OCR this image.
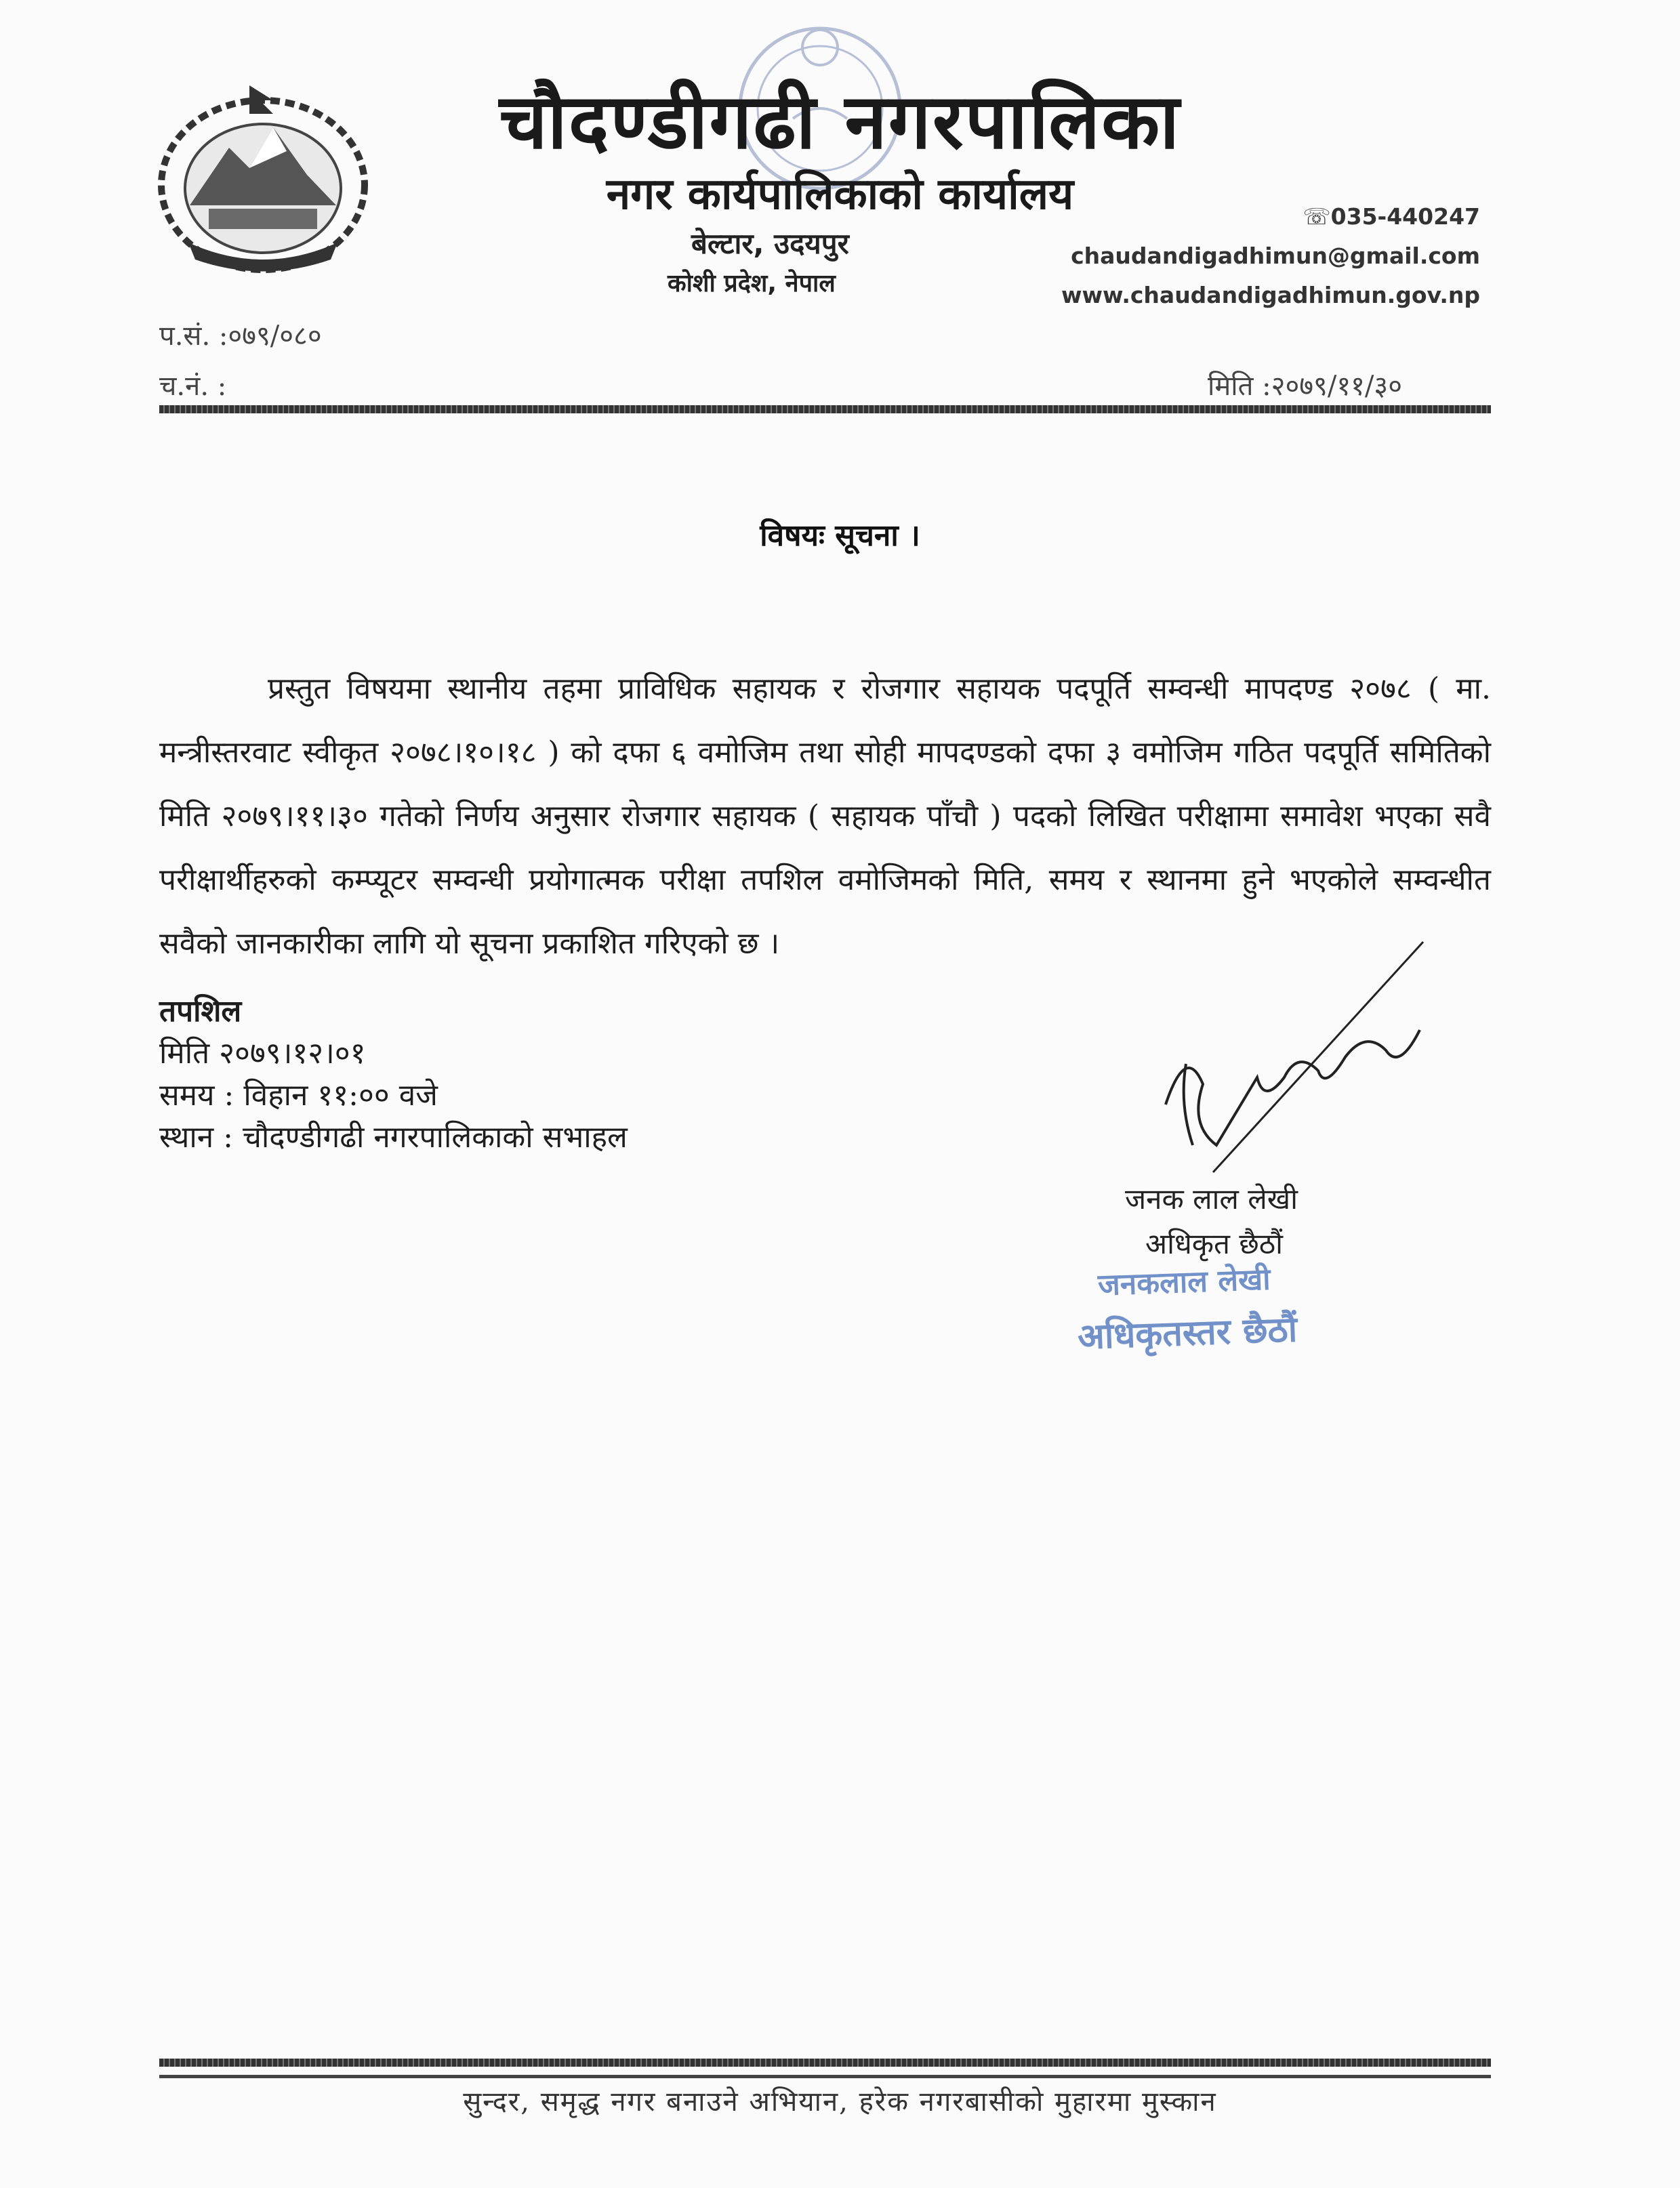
चौदण्डीगढी नगरपालिका
नगर कार्यपालिकाको कार्यालय
बेल्टार, उदयपुर
कोशी प्रदेश, नेपाल
☏035-440247
chaudandigadhimun@gmail.com
www.chaudandigadhimun.gov.np
प.सं. :०७९/०८०
च.नं. :	मिति :२०७९/११/३०
विषयः सूचना ।
प्रस्तुत विषयमा स्थानीय तहमा प्राविधिक सहायक र रोजगार सहायक पदपूर्ति सम्वन्धी मापदण्ड २०७८ ( मा. मन्त्रीस्तरवाट स्वीकृत २०७८।१०।१८ ) को दफा ६ वमोजिम तथा सोही मापदण्डको दफा ३ वमोजिम गठित पदपूर्ति समितिको मिति २०७९।११।३० गतेको निर्णय अनुसार रोजगार सहायक ( सहायक पाँचौ ) पदको लिखित परीक्षामा समावेश भएका सवै परीक्षार्थीहरुको कम्प्यूटर सम्वन्धी प्रयोगात्मक परीक्षा तपशिल वमोजिमको मिति, समय र स्थानमा हुने भएकोले सम्वन्धीत सवैको जानकारीका लागि यो सूचना प्रकाशित गरिएको छ ।
तपशिल
मिति २०७९।१२।०१
समय : विहान ११:०० वजे
स्थान : चौदण्डीगढी नगरपालिकाको सभाहल
जनक लाल लेखी
अधिकृत छैठौं
जनकलाल लेखी
अधिकृतस्तर छैठौं
सुन्दर, समृद्ध नगर बनाउने अभियान, हरेक नगरबासीको मुहारमा मुस्कान
